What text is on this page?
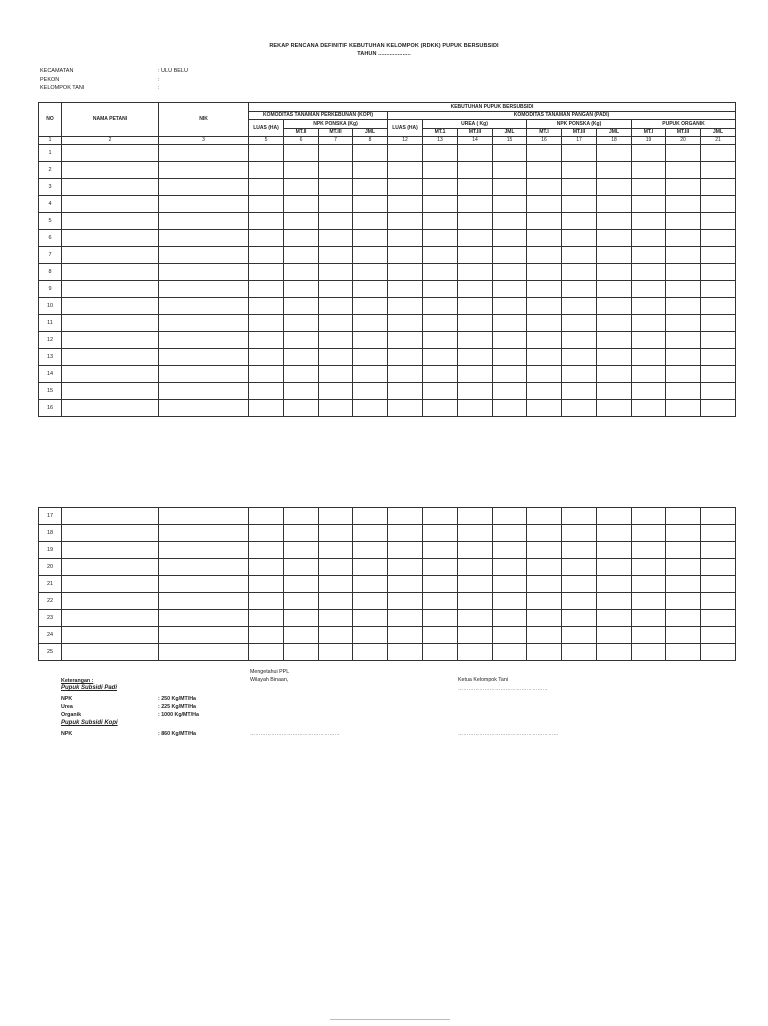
REKAP RENCANA DEFINITIF KEBUTUHAN KELOMPOK (RDKK) PUPUK BERSUBSIDI
TAHUN ....................
KECAMATAN	: ULU BELU
PEKON	:
KELOMPOK TANI	:
NO	NAMA PETANI	NIK	KEBUTUHAN PUPUK BERSUBSIDI													
			KOMODITAS TANAMAN PERKEBUNAN (KOPI)				KOMODITAS TANAMAN PANGAN (PADI)									
			LUAS (HA)	NPK PONSKA (Kg)			LUAS (HA)	UREA ( Kg)			NPK PONSKA (Kg)			PUPUK ORGANIK		
				MT.II	MT.III	JML		MT.1	MT.III	JML	MT.I	MT.III	JML	MT.I	MT.III	JML
1	2	3	5	6	7	8	12	13	14	15	16	17	18	19	20	21
1																
2																
3																
4																
5																
6																
7																
8																
9																
10																
11																
12																
13																
14																
15																
16																
17																
18																
19																
20																
21																
22																
23																
24																
25																
Mengetahui PPL
Wilayah Binaan,	Ketua Kelompok Tani
……………………………………………
Keterangan :
Pupuk Subsidi Padi
NPK	: 250 Kg/MT/Ha
Urea	: 225 Kg/MT/Ha
Organik	: 1000 Kg/MT/Ha
Pupuk Subsidi Kopi
NPK	: 860 Kg/MT/Ha	……………………………………………	…………………………………………………
